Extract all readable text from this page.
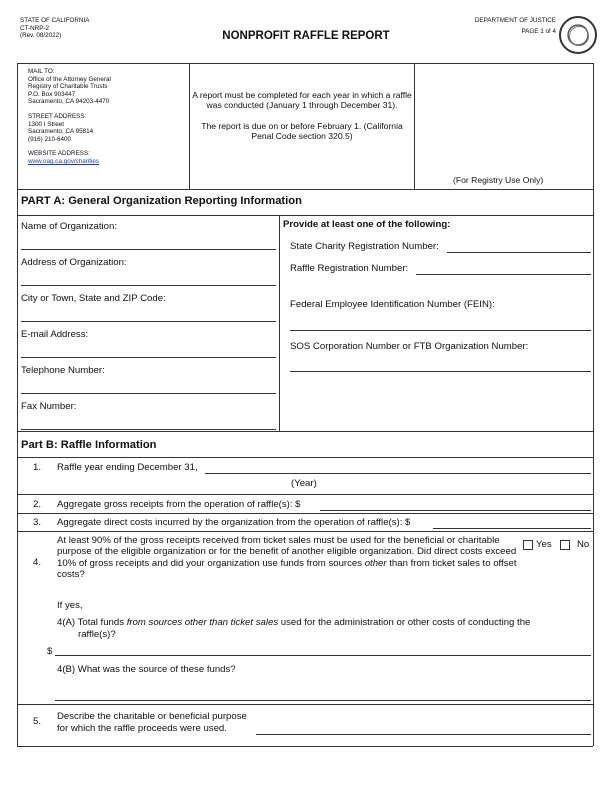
STATE OF CALIFORNIA
CT-NRP-2
(Rev. 08/2022)	NONPROFIT RAFFLE REPORT
DEPARTMENT OF JUSTICE
PAGE 1 of 4
MAIL TO:
Office of the Attorney General
Registry of Charitable Trusts
P.O. Box 903447
Sacramento, CA 94203-4470
STREET ADDRESS:
1300 I Street
Sacramento, CA 95814
(916) 210-6400
WEBSITE ADDRESS:
www.oag.ca.gov/charities
A report must be completed for each year in which a raffle was conducted (January 1 through December 31).
The report is due on or before February 1. (California Penal Code section 320.5)
(For Registry Use Only)
PART A: General Organization Reporting Information
Name of Organization:
Address of Organization:
City or Town, State and ZIP Code:
E-mail Address:
Telephone Number:
Fax Number:
Provide at least one of the following:
State Charity Registration Number:
Raffle Registration Number:
Federal Employee Identification Number (FEIN):
SOS Corporation Number or FTB Organization Number:
Part B: Raffle Information
1. Raffle year ending December 31,
(Year)
2. Aggregate gross receipts from the operation of raffle(s): $
3. Aggregate direct costs incurred by the organization from the operation of raffle(s): $
4.
At least 90% of the gross receipts received from ticket sales must be used for the beneficial or charitable purpose of the eligible organization or for the benefit of another eligible organization. Did direct costs exceed 10% of gross receipts and did your organization use funds from sources other than from ticket sales to offset costs?
Yes	No
If yes,
4(A) Total funds from sources other than ticket sales used for the administration or other costs of conducting the
raffle(s)?
$
4(B) What was the source of these funds?
5. Describe the charitable or beneficial purpose
for which the raffle proceeds were used.
